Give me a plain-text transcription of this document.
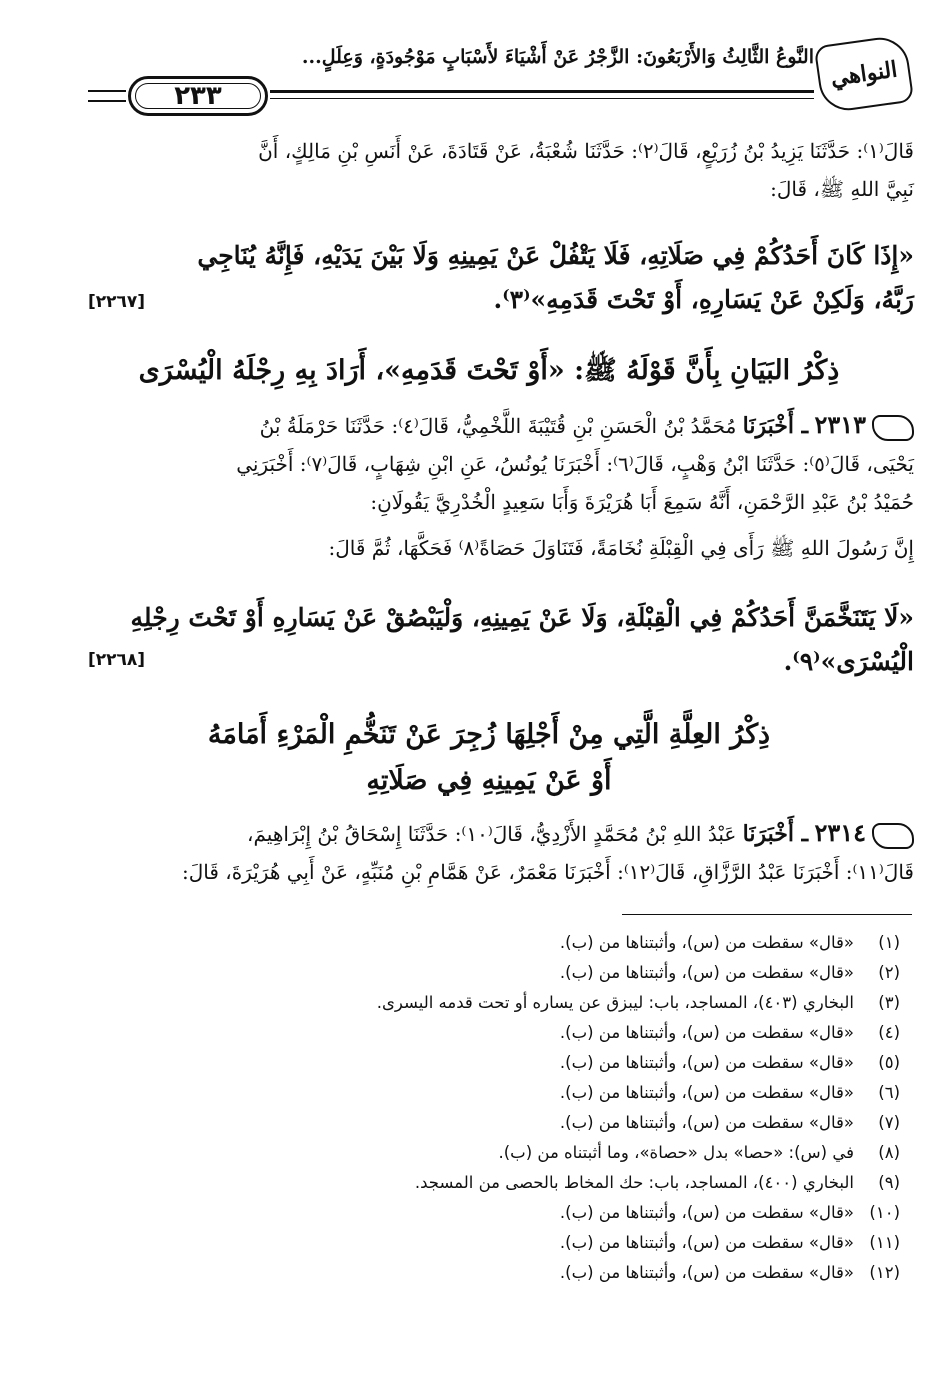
٢٣٣
النَّوعُ الثَّالِثُ وَالأَرْبَعُونَ: الزَّجْرُ عَنْ أَشْيَاءَ لأَسْبَابٍ مَوْجُودَةٍ، وَعِلَلٍ... النواهي

قَالَ⁽١⁾: حَدَّثَنَا يَزِيدُ بْنُ زُرَيْعٍ، قَالَ⁽٢⁾: حَدَّثَنَا شُعْبَةُ، عَنْ قَتَادَةَ، عَنْ أَنَسِ بْنِ مَالِكٍ، أَنَّ

نَبِيَّ اللهِ ﷺ، قَالَ:

«إِذَا كَانَ أَحَدُكُمْ فِي صَلَاتِهِ، فَلَا يَتْفُلْ عَنْ يَمِينِهِ وَلَا بَيْنَ يَدَيْهِ، فَإِنَّهُ يُنَاجِي

رَبَّهُ، وَلَكِنْ عَنْ يَسَارِهِ، أَوْ تَحْتَ قَدَمِهِ»⁽٣⁾.

[٢٢٦٧]

ذِكْرُ البَيَانِ بِأَنَّ قَوْلَهُ ﷺ: «أَوْ تَحْتَ قَدَمِهِ»، أَرَادَ بِهِ رِجْلَهُ الْيُسْرَى

٢٣١٣ ـ أَخْبَرَنَا مُحَمَّدُ بْنُ الْحَسَنِ بْنِ قُتَيْبَةَ اللَّخْمِيُّ، قَالَ⁽٤⁾: حَدَّثَنَا حَرْمَلَةُ بْنُ

يَحْيَى، قَالَ⁽٥⁾: حَدَّثَنَا ابْنُ وَهْبٍ، قَالَ⁽٦⁾: أَخْبَرَنَا يُونُسُ، عَنِ ابْنِ شِهَابٍ، قَالَ⁽٧⁾: أَخْبَرَنِي

حُمَيْدُ بْنُ عَبْدِ الرَّحْمَنِ، أَنَّهُ سَمِعَ أَبَا هُرَيْرَةَ وَأَبَا سَعِيدٍ الْخُدْرِيَّ يَقُولَانِ:

إِنَّ رَسُولَ اللهِ ﷺ رَأَى فِي الْقِبْلَةِ نُخَامَةً، فَتَنَاوَلَ حَصَاةً⁽٨⁾ فَحَكَّهَا، ثُمَّ قَالَ:

«لَا يَتَنَخَّمَنَّ أَحَدُكُمْ فِي الْقِبْلَةِ، وَلَا عَنْ يَمِينِهِ، وَلْيَبْصُقْ عَنْ يَسَارِهِ أَوْ تَحْتَ رِجْلِهِ

الْيُسْرَى»⁽٩⁾.

[٢٢٦٨]

ذِكْرُ العِلَّةِ الَّتِي مِنْ أَجْلِهَا زُجِرَ عَنْ تَنَخُّمِ الْمَرْءِ أَمَامَهُ

أَوْ عَنْ يَمِينِهِ فِي صَلَاتِهِ

٢٣١٤ ـ أَخْبَرَنَا عَبْدُ اللهِ بْنُ مُحَمَّدٍ الأَزْدِيُّ، قَالَ⁽١٠⁾: حَدَّثَنَا إِسْحَاقُ بْنُ إِبْرَاهِيمَ،

قَالَ⁽١١⁾: أَخْبَرَنَا عَبْدُ الرَّزَّاقِ، قَالَ⁽١٢⁾: أَخْبَرَنَا مَعْمَرٌ، عَنْ هَمَّامِ بْنِ مُنَبِّهٍ، عَنْ أَبِي هُرَيْرَةَ، قَالَ:

(١)«قال» سقطت من (س)، وأثبتناها من (ب).
(٢)«قال» سقطت من (س)، وأثبتناها من (ب).
(٣)البخاري (٤٠٣)، المساجد، باب: ليبزق عن يساره أو تحت قدمه اليسرى.
(٤)«قال» سقطت من (س)، وأثبتناها من (ب).
(٥)«قال» سقطت من (س)، وأثبتناها من (ب).
(٦)«قال» سقطت من (س)، وأثبتناها من (ب).
(٧)«قال» سقطت من (س)، وأثبتناها من (ب).
(٨)في (س): «حصا» بدل «حصاة»، وما أثبتناه من (ب).
(٩)البخاري (٤٠٠)، المساجد، باب: حك المخاط بالحصى من المسجد.
(١٠)«قال» سقطت من (س)، وأثبتناها من (ب).
(١١)«قال» سقطت من (س)، وأثبتناها من (ب).
(١٢)«قال» سقطت من (س)، وأثبتناها من (ب).
